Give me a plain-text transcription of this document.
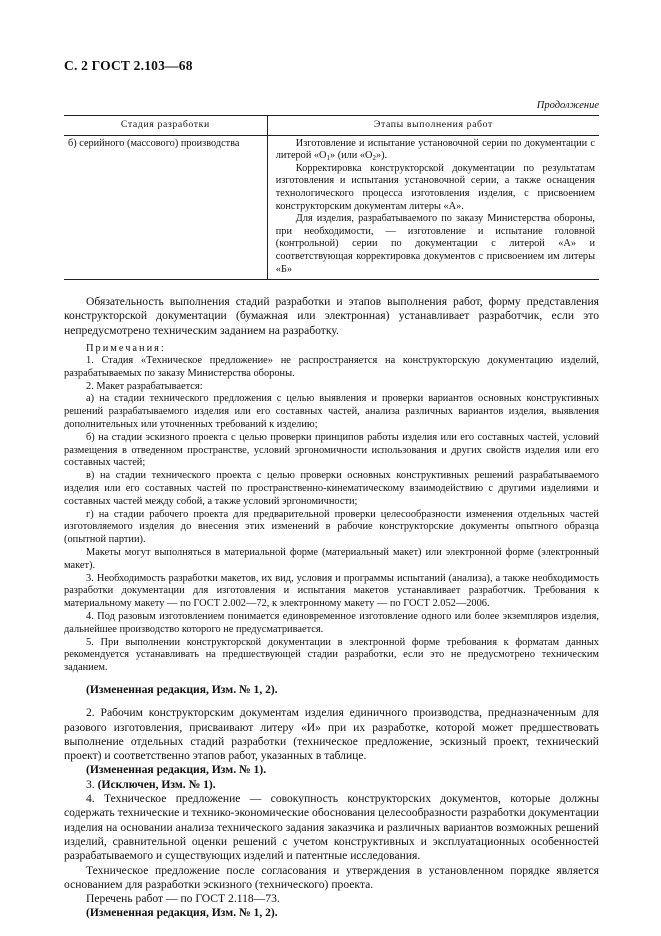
С. 2 ГОСТ 2.103—68
Продолжение
Стадия разработки	Этапы выполнения работ
б) серийного (массового) производства	Изготовление и испытание установочной серии по документации с литерой «$О_1$» (или «$О_2$»).

Корректировка конструкторской документации по результатам изготовления и испытания установочной серии, а также оснащения технологического процесса изготовления изделия, с присвоением конструкторским документам литеры «А».

Для изделия, разрабатываемого по заказу Министерства обороны, при необходимости, — изготовление и испытание головной (контрольной) серии по документации с литерой «А» и соответствующая корректировка документов с присвоением им литеры «Б»

Обязательность выполнения стадий разработки и этапов выполнения работ, форму представления конструкторской документации (бумажная или электронная) устанавливает разработчик, если это непредусмотрено техническим заданием на разработку.

Примечания:

1. Стадия «Техническое предложение» не распространяется на конструкторскую документацию изделий, разрабатываемых по заказу Министерства обороны.

2. Макет разрабатывается:

а) на стадии технического предложения с целью выявления и проверки вариантов основных конструктивных решений разрабатываемого изделия или его составных частей, анализа различных вариантов изделия, выявления дополнительных или уточненных требований к изделию;

б) на стадии эскизного проекта с целью проверки принципов работы изделия или его составных частей, условий размещения в отведенном пространстве, условий эргономичности использования и других свойств изделия или его составных частей;

в) на стадии технического проекта с целью проверки основных конструктивных решений разрабатываемого изделия или его составных частей по пространственно-кинематическому взаимодействию с другими изделиями и составных частей между собой, а также условий эргономичности;

г) на стадии рабочего проекта для предварительной проверки целесообразности изменения отдельных частей изготовляемого изделия до внесения этих изменений в рабочие конструкторские документы опытного образца (опытной партии).

Макеты могут выполняться в материальной форме (материальный макет) или электронной форме (электронный макет).

3. Необходимость разработки макетов, их вид, условия и программы испытаний (анализа), а также необходимость разработки документации для изготовления и испытания макетов устанавливает разработчик. Требования к материальному макету — по ГОСТ 2.002—72, к электронному макету — по ГОСТ 2.052—2006.

4. Под разовым изготовлением понимается единовременное изготовление одного или более экземпляров изделия, дальнейшее производство которого не предусматривается.

5. При выполнении конструкторской документации в электронной форме требования к форматам данных рекомендуется устанавливать на предшествующей стадии разработки, если это не предусмотрено техническим заданием.

(Измененная редакция, Изм. № 1, 2).

2. Рабочим конструкторским документам изделия единичного производства, предназначенным для разового изготовления, присваивают литеру «И» при их разработке, которой может предшествовать выполнение отдельных стадий разработки (техническое предложение, эскизный проект, технический проект) и соответственно этапов работ, указанных в таблице.

(Измененная редакция, Изм. № 1).

3. (Исключен, Изм. № 1).

4. Техническое предложение — совокупность конструкторских документов, которые должны содержать технические и технико-экономические обоснования целесообразности разработки документации изделия на основании анализа технического задания заказчика и различных вариантов возможных решений изделий, сравнительной оценки решений с учетом конструктивных и эксплуатационных особенностей разрабатываемого и существующих изделий и патентные исследования.

Техническое предложение после согласования и утверждения в установленном порядке является основанием для разработки эскизного (технического) проекта.

Перечень работ — по ГОСТ 2.118—73.

(Измененная редакция, Изм. № 1, 2).
